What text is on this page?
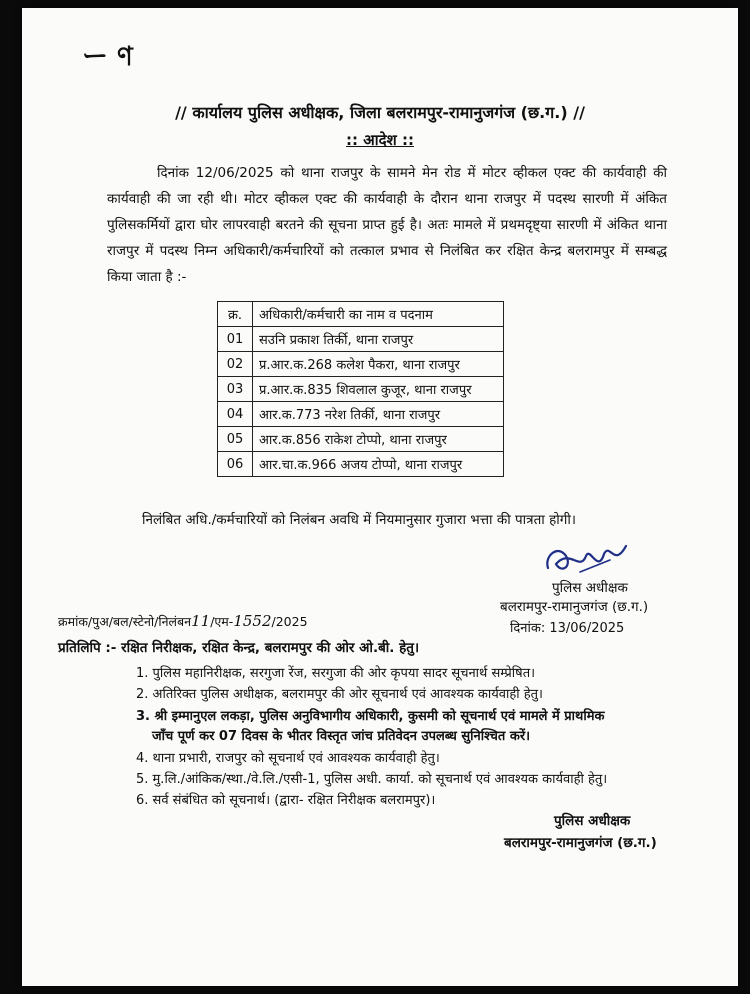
ー ণ
// कार्यालय पुलिस अधीक्षक, जिला बलरामपुर-रामानुजगंज (छ.ग.) //
:: आदेश ::
दिनांक 12/06/2025 को थाना राजपुर के सामने मेन रोड में मोटर व्हीकल एक्ट की कार्यवाही की कार्यवाही की जा रही थी। मोटर व्हीकल एक्ट की कार्यवाही के दौरान थाना राजपुर में पदस्थ सारणी में अंकित पुलिसकर्मियों द्वारा घोर लापरवाही बरतने की सूचना प्राप्त हुई है। अतः मामले में प्रथमदृष्ट्या सारणी में अंकित थाना राजपुर में पदस्थ निम्न अधिकारी/कर्मचारियों को तत्काल प्रभाव से निलंबित कर रक्षित केन्द्र बलरामपुर में सम्बद्ध किया जाता है :-
क्र.	अधिकारी/कर्मचारी का नाम व पदनाम
01	सउनि प्रकाश तिर्की, थाना राजपुर
02	प्र.आर.क.268 कलेश पैकरा, थाना राजपुर
03	प्र.आर.क.835 शिवलाल कुजूर, थाना राजपुर
04	आर.क.773 नरेश तिर्की, थाना राजपुर
05	आर.क.856 राकेश टोप्पो, थाना राजपुर
06	आर.चा.क.966 अजय टोप्पो, थाना राजपुर
निलंबित अधि./कर्मचारियों को निलंबन अवधि में नियमानुसार गुजारा भत्ता की पात्रता होगी।
पुलिस अधीक्षक
बलरामपुर-रामानुजगंज (छ.ग.)
क्रमांक/पुअ/बल/स्टेनो/निलंबन11/एम-1552/2025	दिनांक: 13/06/2025
प्रतिलिपि :- रक्षित निरीक्षक, रक्षित केन्द्र, बलरामपुर की ओर ओ.बी. हेतु।
1. पुलिस महानिरीक्षक, सरगुजा रेंज, सरगुजा की ओर कृपया सादर सूचनार्थ सम्प्रेषित।
2. अतिरिक्त पुलिस अधीक्षक, बलरामपुर की ओर सूचनार्थ एवं आवश्यक कार्यवाही हेतु।
3. श्री इम्मानुएल लकड़ा, पुलिस अनुविभागीय अधिकारी, कुसमी को सूचनार्थ एवं मामले में प्राथमिक
जाँच पूर्ण कर 07 दिवस के भीतर विस्तृत जांच प्रतिवेदन उपलब्ध सुनिश्चित करें।
4. थाना प्रभारी, राजपुर को सूचनार्थ एवं आवश्यक कार्यवाही हेतु।
5. मु.लि./आंकिक/स्था./वे.लि./एसी-1, पुलिस अधी. कार्या. को सूचनार्थ एवं आवश्यक कार्यवाही हेतु।
6. सर्व संबंधित को सूचनार्थ। (द्वारा- रक्षित निरीक्षक बलरामपुर)।
पुलिस अधीक्षक
बलरामपुर-रामानुजगंज (छ.ग.)
